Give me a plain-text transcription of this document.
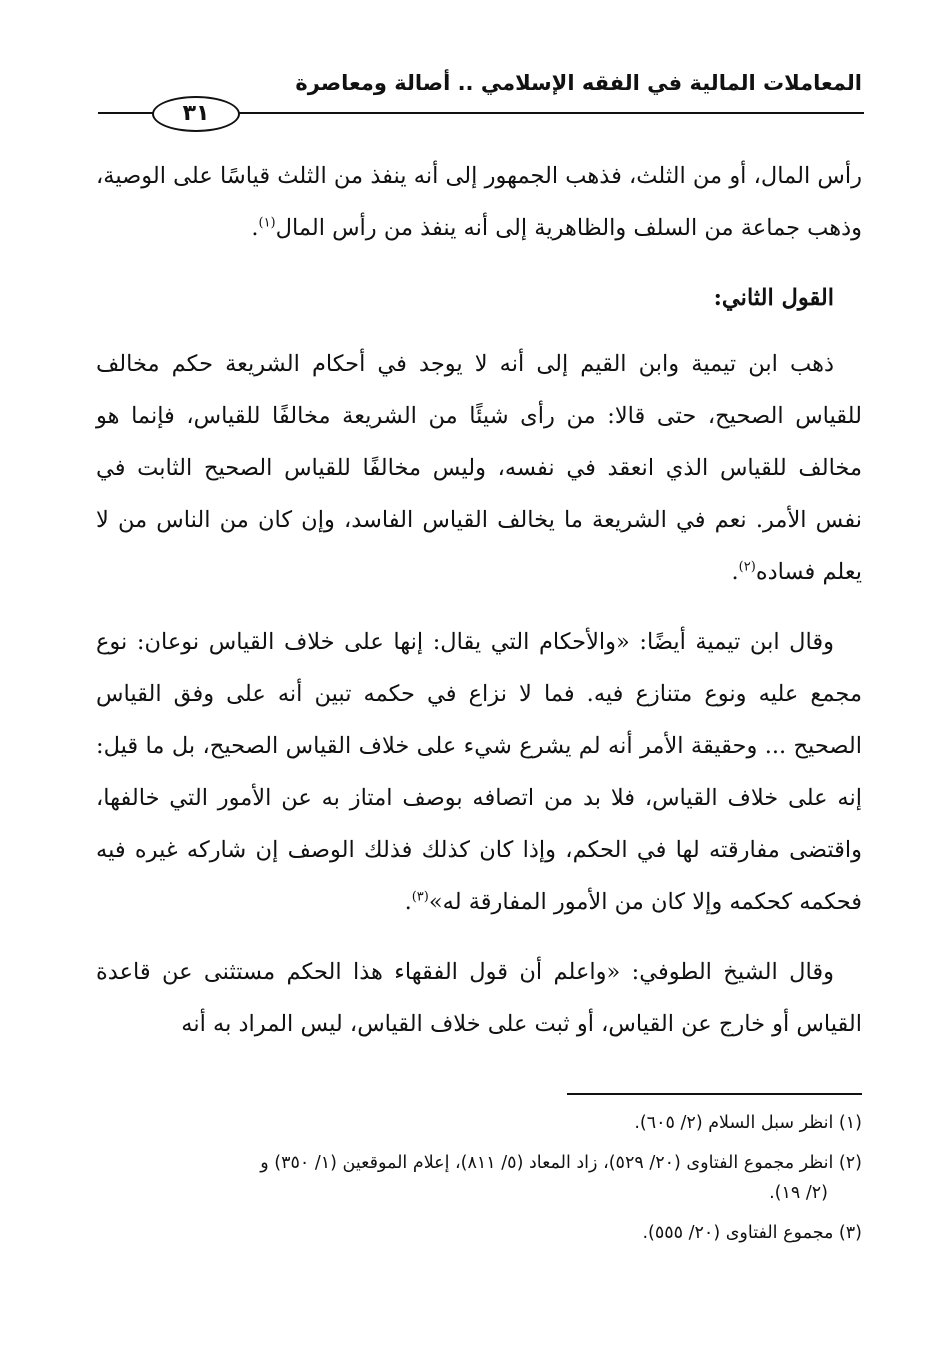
المعاملات المالية في الفقه الإسلامي .. أصالة ومعاصرة
٣١

رأس المال، أو من الثلث، فذهب الجمهور إلى أنه ينفذ من الثلث قياسًا على الوصية، وذهب جماعة من السلف والظاهرية إلى أنه ينفذ من رأس المال$^{(١)}$.

القول الثاني:

ذهب ابن تيمية وابن القيم إلى أنه لا يوجد في أحكام الشريعة حكم مخالف للقياس الصحيح، حتى قالا: من رأى شيئًا من الشريعة مخالفًا للقياس، فإنما هو مخالف للقياس الذي انعقد في نفسه، وليس مخالفًا للقياس الصحيح الثابت في نفس الأمر. نعم في الشريعة ما يخالف القياس الفاسد، وإن كان من الناس من لا يعلم فساده$^{(٢)}$.

وقال ابن تيمية أيضًا: «والأحكام التي يقال: إنها على خلاف القياس نوعان: نوع مجمع عليه ونوع متنازع فيه. فما لا نزاع في حكمه تبين أنه على وفق القياس الصحيح ... وحقيقة الأمر أنه لم يشرع شيء على خلاف القياس الصحيح، بل ما قيل: إنه على خلاف القياس، فلا بد من اتصافه بوصف امتاز به عن الأمور التي خالفها، واقتضى مفارقته لها في الحكم، وإذا كان كذلك فذلك الوصف إن شاركه غيره فيه فحكمه كحكمه وإلا كان من الأمور المفارقة له»$^{(٣)}$.

وقال الشيخ الطوفي: «واعلم أن قول الفقهاء هذا الحكم مستثنى عن قاعدة القياس أو خارج عن القياس، أو ثبت على خلاف القياس، ليس المراد به أنه

(١) انظر سبل السلام (٢/ ٦٠٥).
(٢) انظر مجموع الفتاوى (٢٠/ ٥٢٩)، زاد المعاد (٥/ ٨١١)، إعلام الموقعين (١/ ٣٥٠) و
(٢/ ١٩).
(٣) مجموع الفتاوى (٢٠/ ٥٥٥).
